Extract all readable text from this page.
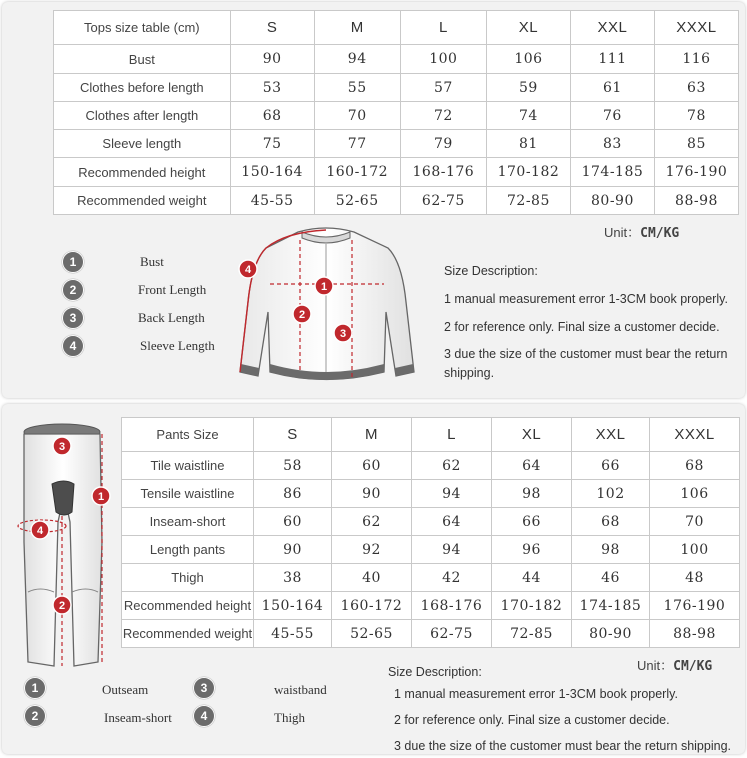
Tops size table (cm)	S	M	L	XL	XXL	XXXL
Bust	90	94	100	106	111	116
Clothes before length	53	55	57	59	61	63
Clothes after length	68	70	72	74	76	78
Sleeve length	75	77	79	81	83	85
Recommended height	150-164	160-172	168-176	170-182	174-185	176-190
Recommended weight	45-55	52-65	62-75	72-85	80-90	88-98
Unit：CM/KG
1	Bust
2	Front Length
3	Back Length
4	Sleeve Length
1
2
3
4	Size Description:
1 manual measurement error 1-3CM book properly.
2 for reference only. Final size a customer decide.
3 due the size of the customer must bear the return
shipping.
1
2
3
4
Pants Size	S	M	L	XL	XXL	XXXL
Tile waistline	58	60	62	64	66	68
Tensile waistline	86	90	94	98	102	106
Inseam-short	60	62	64	66	68	70
Length pants	90	92	94	96	98	100
Thigh	38	40	42	44	46	48
Recommended height	150-164	160-172	168-176	170-182	174-185	176-190
Recommended weight	45-55	52-65	62-75	72-85	80-90	88-98
Unit：CM/KG
1	Outseam
2	Inseam-short
3	waistband
4	Thigh
Size Description:
1 manual measurement error 1-3CM book properly.
2 for reference only. Final size a customer decide.
3 due the size of the customer must bear the return shipping.
